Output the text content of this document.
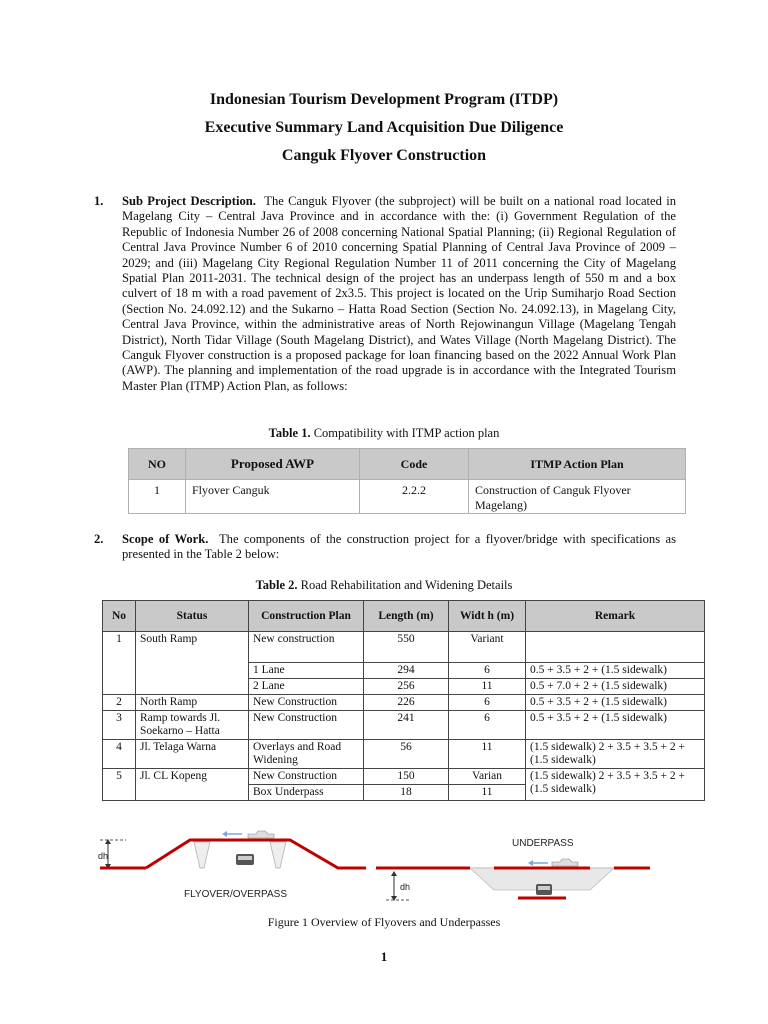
Indonesian Tourism Development Program (ITDP)
Executive Summary Land Acquisition Due Diligence
Canguk Flyover Construction
1. Sub Project Description. The Canguk Flyover (the subproject) will be built on a national road located in Magelang City – Central Java Province and in accordance with the: (i) Government Regulation of the Republic of Indonesia Number 26 of 2008 concerning National Spatial Planning; (ii) Regional Regulation of Central Java Province Number 6 of 2010 concerning Spatial Planning of Central Java Province of 2009 – 2029; and (iii) Magelang City Regional Regulation Number 11 of 2011 concerning the City of Magelang Spatial Plan 2011-2031. The technical design of the project has an underpass length of 550 m and a box culvert of 18 m with a road pavement of 2x3.5. This project is located on the Urip Sumiharjo Road Section (Section No. 24.092.12) and the Sukarno – Hatta Road Section (Section No. 24.092.13), in Magelang City, Central Java Province, within the administrative areas of North Rejowinangun Village (Magelang Tengah District), North Tidar Village (South Magelang District), and Wates Village (North Magelang District). The Canguk Flyover construction is a proposed package for loan financing based on the 2022 Annual Work Plan (AWP). The planning and implementation of the road upgrade is in accordance with the Integrated Tourism Master Plan (ITMP) Action Plan, as follows:
Table 1. Compatibility with ITMP action plan
NO	Proposed AWP	Code	ITMP Action Plan
1	Flyover Canguk	2.2.2	Construction of Canguk Flyover Magelang)
2. Scope of Work. The components of the construction project for a flyover/bridge with specifications as presented in the Table 2 below:
Table 2. Road Rehabilitation and Widening Details
No	Status	Construction Plan	Length (m)	Widt h (m)	Remark
1	South Ramp	New construction	550	Variant	
		1 Lane	294	6	0.5 + 3.5 + 2 + (1.5 sidewalk)
		2 Lane	256	11	0.5 + 7.0 + 2 + (1.5 sidewalk)
2	North Ramp	New Construction	226	6	0.5 + 3.5 + 2 + (1.5 sidewalk)
3	Ramp towards Jl. Soekarno – Hatta	New Construction	241	6	0.5 + 3.5 + 2 + (1.5 sidewalk)
4	Jl. Telaga Warna	Overlays and Road Widening	56	11	(1.5 sidewalk) 2 + 3.5 + 3.5 + 2 + (1.5 sidewalk)
5	Jl. CL Kopeng	New Construction	150	Varian	(1.5 sidewalk) 2 + 3.5 + 3.5 + 2 + (1.5 sidewalk)
		Box Underpass	18	11	
dh
FLYOVER/OVERPASS
UNDERPASS
dh
Figure 1 Overview of Flyovers and Underpasses
1
